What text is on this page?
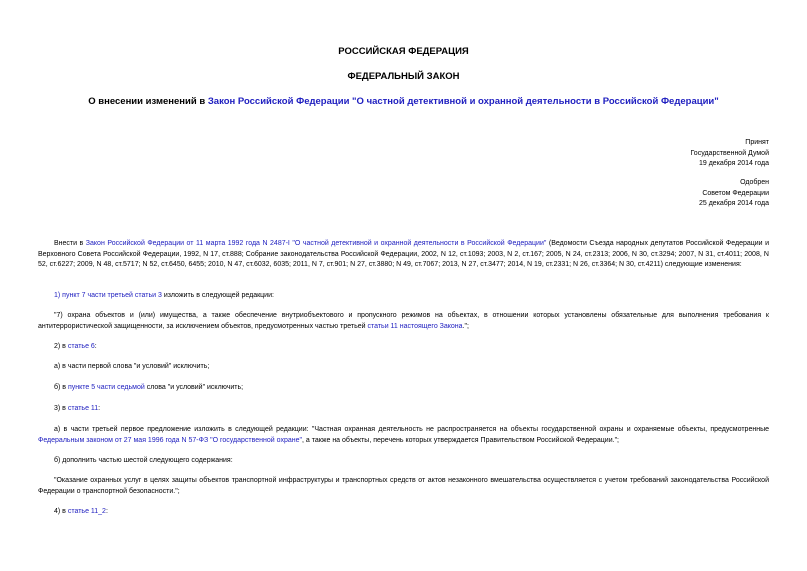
РОССИЙСКАЯ ФЕДЕРАЦИЯ
ФЕДЕРАЛЬНЫЙ ЗАКОН
О внесении изменений в Закон Российской Федерации "О частной детективной и охранной деятельности в Российской Федерации"
Принят
Государственной Думой
19 декабря 2014 года
Одобрен
Советом Федерации
25 декабря 2014 года
Внести в Закон Российской Федерации от 11 марта 1992 года N 2487-I "О частной детективной и охранной деятельности в Российской Федерации" (Ведомости Съезда народных депутатов Российской Федерации и Верховного Совета Российской Федерации, 1992, N 17, ст.888; Собрание законодательства Российской Федерации, 2002, N 12, ст.1093; 2003, N 2, ст.167; 2005, N 24, ст.2313; 2006, N 30, ст.3294; 2007, N 31, ст.4011; 2008, N 52, ст.6227; 2009, N 48, ст.5717; N 52, ст.6450, 6455; 2010, N 47, ст.6032, 6035; 2011, N 7, ст.901; N 27, ст.3880; N 49, ст.7067; 2013, N 27, ст.3477; 2014, N 19, ст.2331; N 26, ст.3364; N 30, ст.4211) следующие изменения:
1) пункт 7 части третьей статьи 3 изложить в следующей редакции:
"7) охрана объектов и (или) имущества, а также обеспечение внутриобъектового и пропускного режимов на объектах, в отношении которых установлены обязательные для выполнения требования к антитеррористической защищенности, за исключением объектов, предусмотренных частью третьей статьи 11 настоящего Закона.";
2) в статье 6:
а) в части первой слова "и условий" исключить;
б) в пункте 5 части седьмой слова "и условий" исключить;
3) в статье 11:
а) в части третьей первое предложение изложить в следующей редакции: "Частная охранная деятельность не распространяется на объекты государственной охраны и охраняемые объекты, предусмотренные Федеральным законом от 27 мая 1996 года N 57-ФЗ "О государственной охране", а также на объекты, перечень которых утверждается Правительством Российской Федерации.";
б) дополнить частью шестой следующего содержания:
"Оказание охранных услуг в целях защиты объектов транспортной инфраструктуры и транспортных средств от актов незаконного вмешательства осуществляется с учетом требований законодательства Российской Федерации о транспортной безопасности.";
4) в статье 11_2:
